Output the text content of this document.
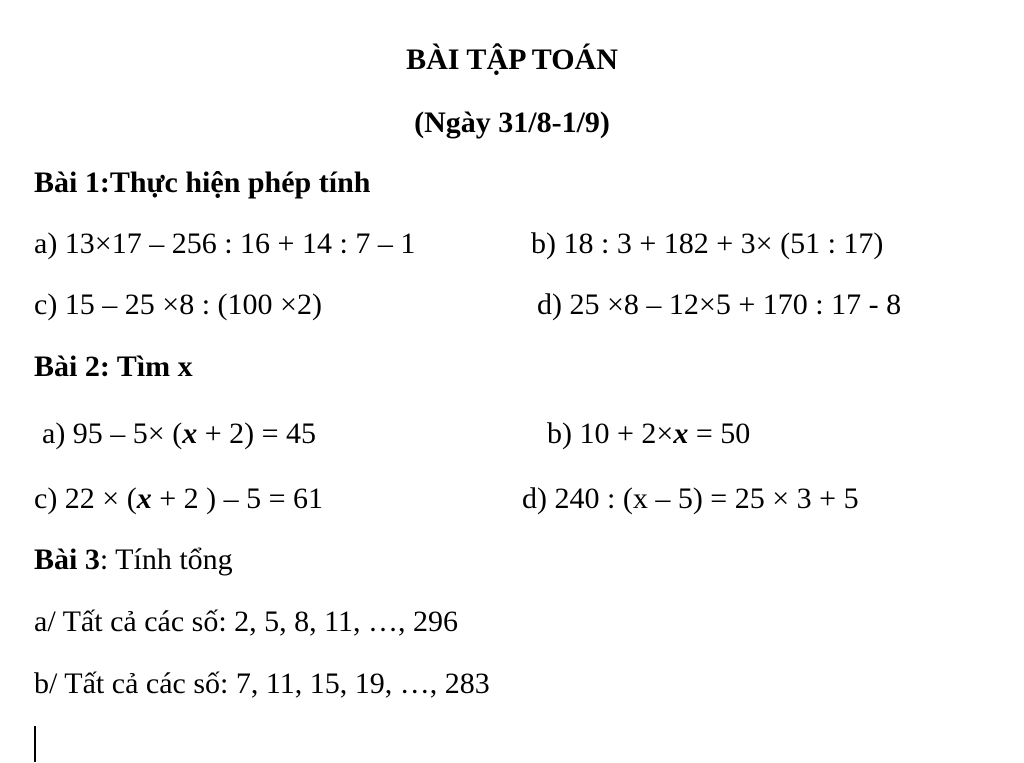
BÀI TẬP TOÁN
(Ngày 31/8-1/9)
Bài 1:Thực hiện phép tính
a) 13×17 – 256 : 16 + 14 : 7 – 1	b) 18 : 3 + 182 + 3× (51 : 17)
c) 15 – 25 ×8 : (100 ×2)	d) 25 ×8 – 12×5 + 170 : 17 - 8
Bài 2: Tìm x
a) 95 – 5× (x + 2) = 45	b) 10 + 2×x = 50
c) 22 × (x + 2 ) – 5 = 61	d) 240 : (x – 5) = 25 × 3 + 5
Bài 3: Tính tổng
a/ Tất cả các số: 2, 5, 8, 11, …, 296
b/ Tất cả các số: 7, 11, 15, 19, …, 283
